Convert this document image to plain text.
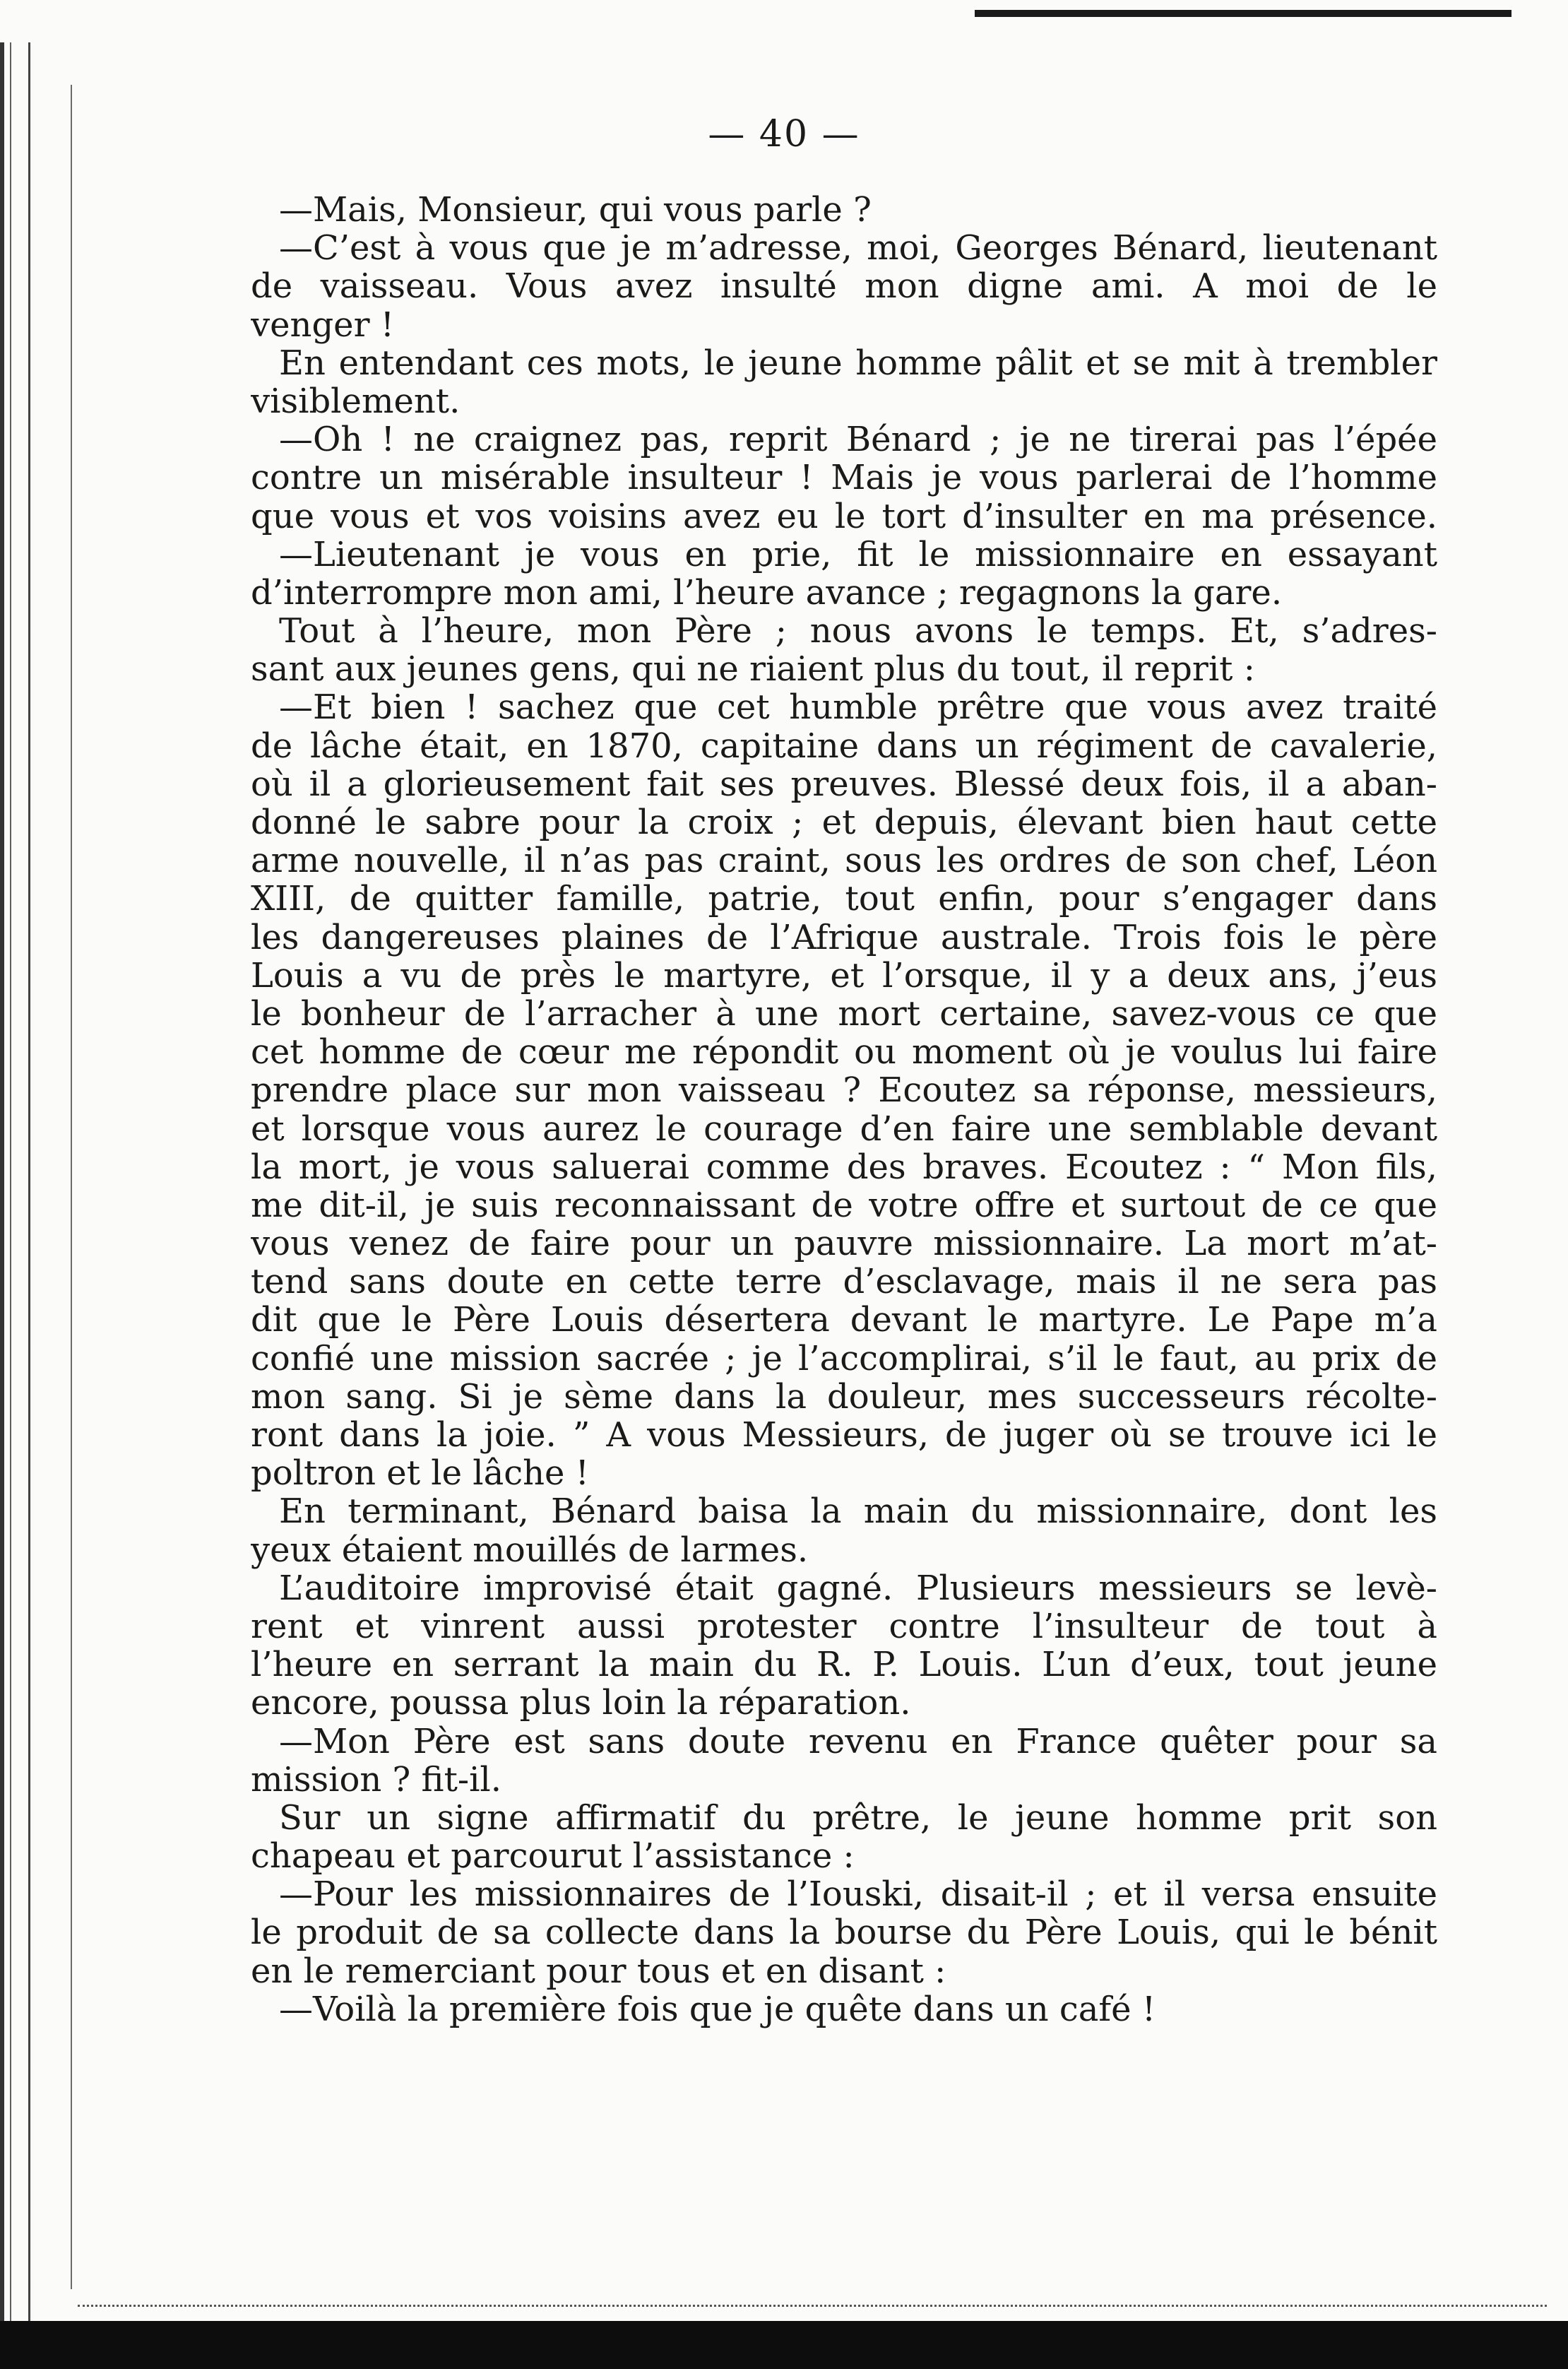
— 40 —
—Mais, Monsieur, qui vous parle ?
—C’est à vous que je m’adresse, moi, Georges Bénard, lieutenant
de vaisseau. Vous avez insulté mon digne ami. A moi de le
venger !
En entendant ces mots, le jeune homme pâlit et se mit à trembler
visiblement.
—Oh ! ne craignez pas, reprit Bénard ; je ne tirerai pas l’épée
contre un misérable insulteur ! Mais je vous parlerai de l’homme
que vous et vos voisins avez eu le tort d’insulter en ma présence.
—Lieutenant je vous en prie, fit le missionnaire en essayant
d’interrompre mon ami, l’heure avance ; regagnons la gare.
Tout à l’heure, mon Père ; nous avons le temps. Et, s’adres-
sant aux jeunes gens, qui ne riaient plus du tout, il reprit :
—Et bien ! sachez que cet humble prêtre que vous avez traité
de lâche était, en 1870, capitaine dans un régiment de cavalerie,
où il a glorieusement fait ses preuves. Blessé deux fois, il a aban-
donné le sabre pour la croix ; et depuis, élevant bien haut cette
arme nouvelle, il n’as pas craint, sous les ordres de son chef, Léon
XIII, de quitter famille, patrie, tout enfin, pour s’engager dans
les dangereuses plaines de l’Afrique australe. Trois fois le père
Louis a vu de près le martyre, et l’orsque, il y a deux ans, j’eus
le bonheur de l’arracher à une mort certaine, savez-vous ce que
cet homme de cœur me répondit ou moment où je voulus lui faire
prendre place sur mon vaisseau ? Ecoutez sa réponse, messieurs,
et lorsque vous aurez le courage d’en faire une semblable devant
la mort, je vous saluerai comme des braves. Ecoutez : “ Mon fils,
me dit-il, je suis reconnaissant de votre offre et surtout de ce que
vous venez de faire pour un pauvre missionnaire. La mort m’at-
tend sans doute en cette terre d’esclavage, mais il ne sera pas
dit que le Père Louis désertera devant le martyre. Le Pape m’a
confié une mission sacrée ; je l’accomplirai, s’il le faut, au prix de
mon sang. Si je sème dans la douleur, mes successeurs récolte-
ront dans la joie. ” A vous Messieurs, de juger où se trouve ici le
poltron et le lâche !
En terminant, Bénard baisa la main du missionnaire, dont les
yeux étaient mouillés de larmes.
L’auditoire improvisé était gagné. Plusieurs messieurs se levè-
rent et vinrent aussi protester contre l’insulteur de tout à
l’heure en serrant la main du R. P. Louis. L’un d’eux, tout jeune
encore, poussa plus loin la réparation.
—Mon Père est sans doute revenu en France quêter pour sa
mission ? fit-il.
Sur un signe affirmatif du prêtre, le jeune homme prit son
chapeau et parcourut l’assistance :
—Pour les missionnaires de l’Iouski, disait-il ; et il versa ensuite
le produit de sa collecte dans la bourse du Père Louis, qui le bénit
en le remerciant pour tous et en disant :
—Voilà la première fois que je quête dans un café !
